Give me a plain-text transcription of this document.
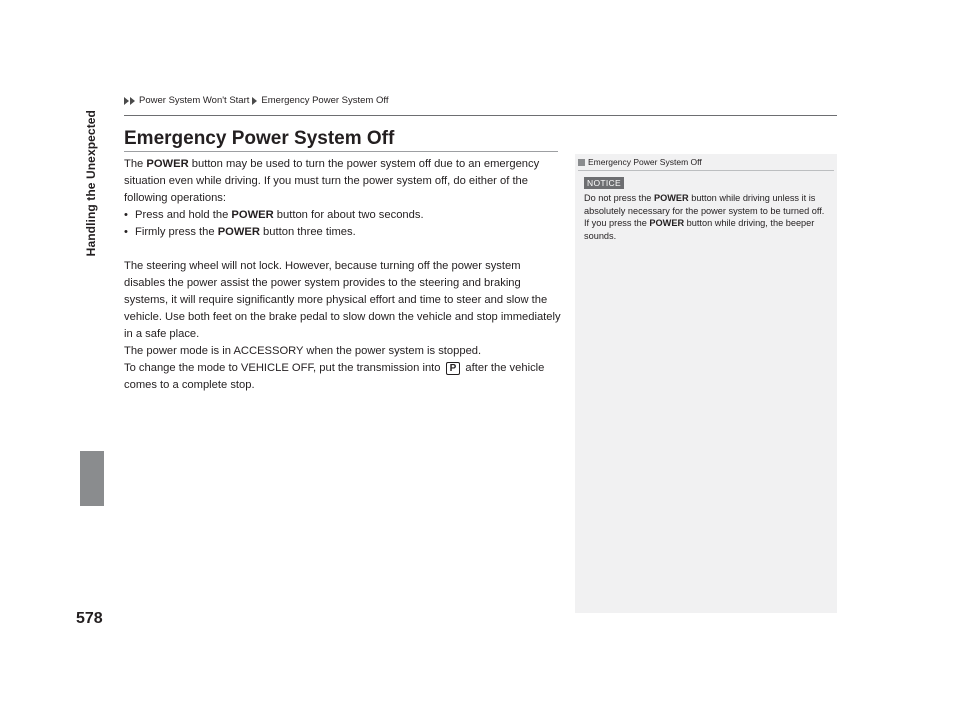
Power System Won't Start Emergency Power System Off
Handling the Unexpected
578
Emergency Power System Off

The POWER button may be used to turn the power system off due to an emergency situation even while driving. If you must turn the power system off, do either of the following operations:

• Press and hold the POWER button for about two seconds.
• Firmly press the POWER button three times.

The steering wheel will not lock. However, because turning off the power system disables the power assist the power system provides to the steering and braking systems, it will require significantly more physical effort and time to steer and slow the vehicle. Use both feet on the brake pedal to slow down the vehicle and stop immediately in a safe place.

The power mode is in ACCESSORY when the power system is stopped.

To change the mode to VEHICLE OFF, put the transmission into P after the vehicle comes to a complete stop.

Emergency Power System Off
NOTICE

Do not press the POWER button while driving unless it is absolutely necessary for the power system to be turned off.

If you press the POWER button while driving, the beeper sounds.
